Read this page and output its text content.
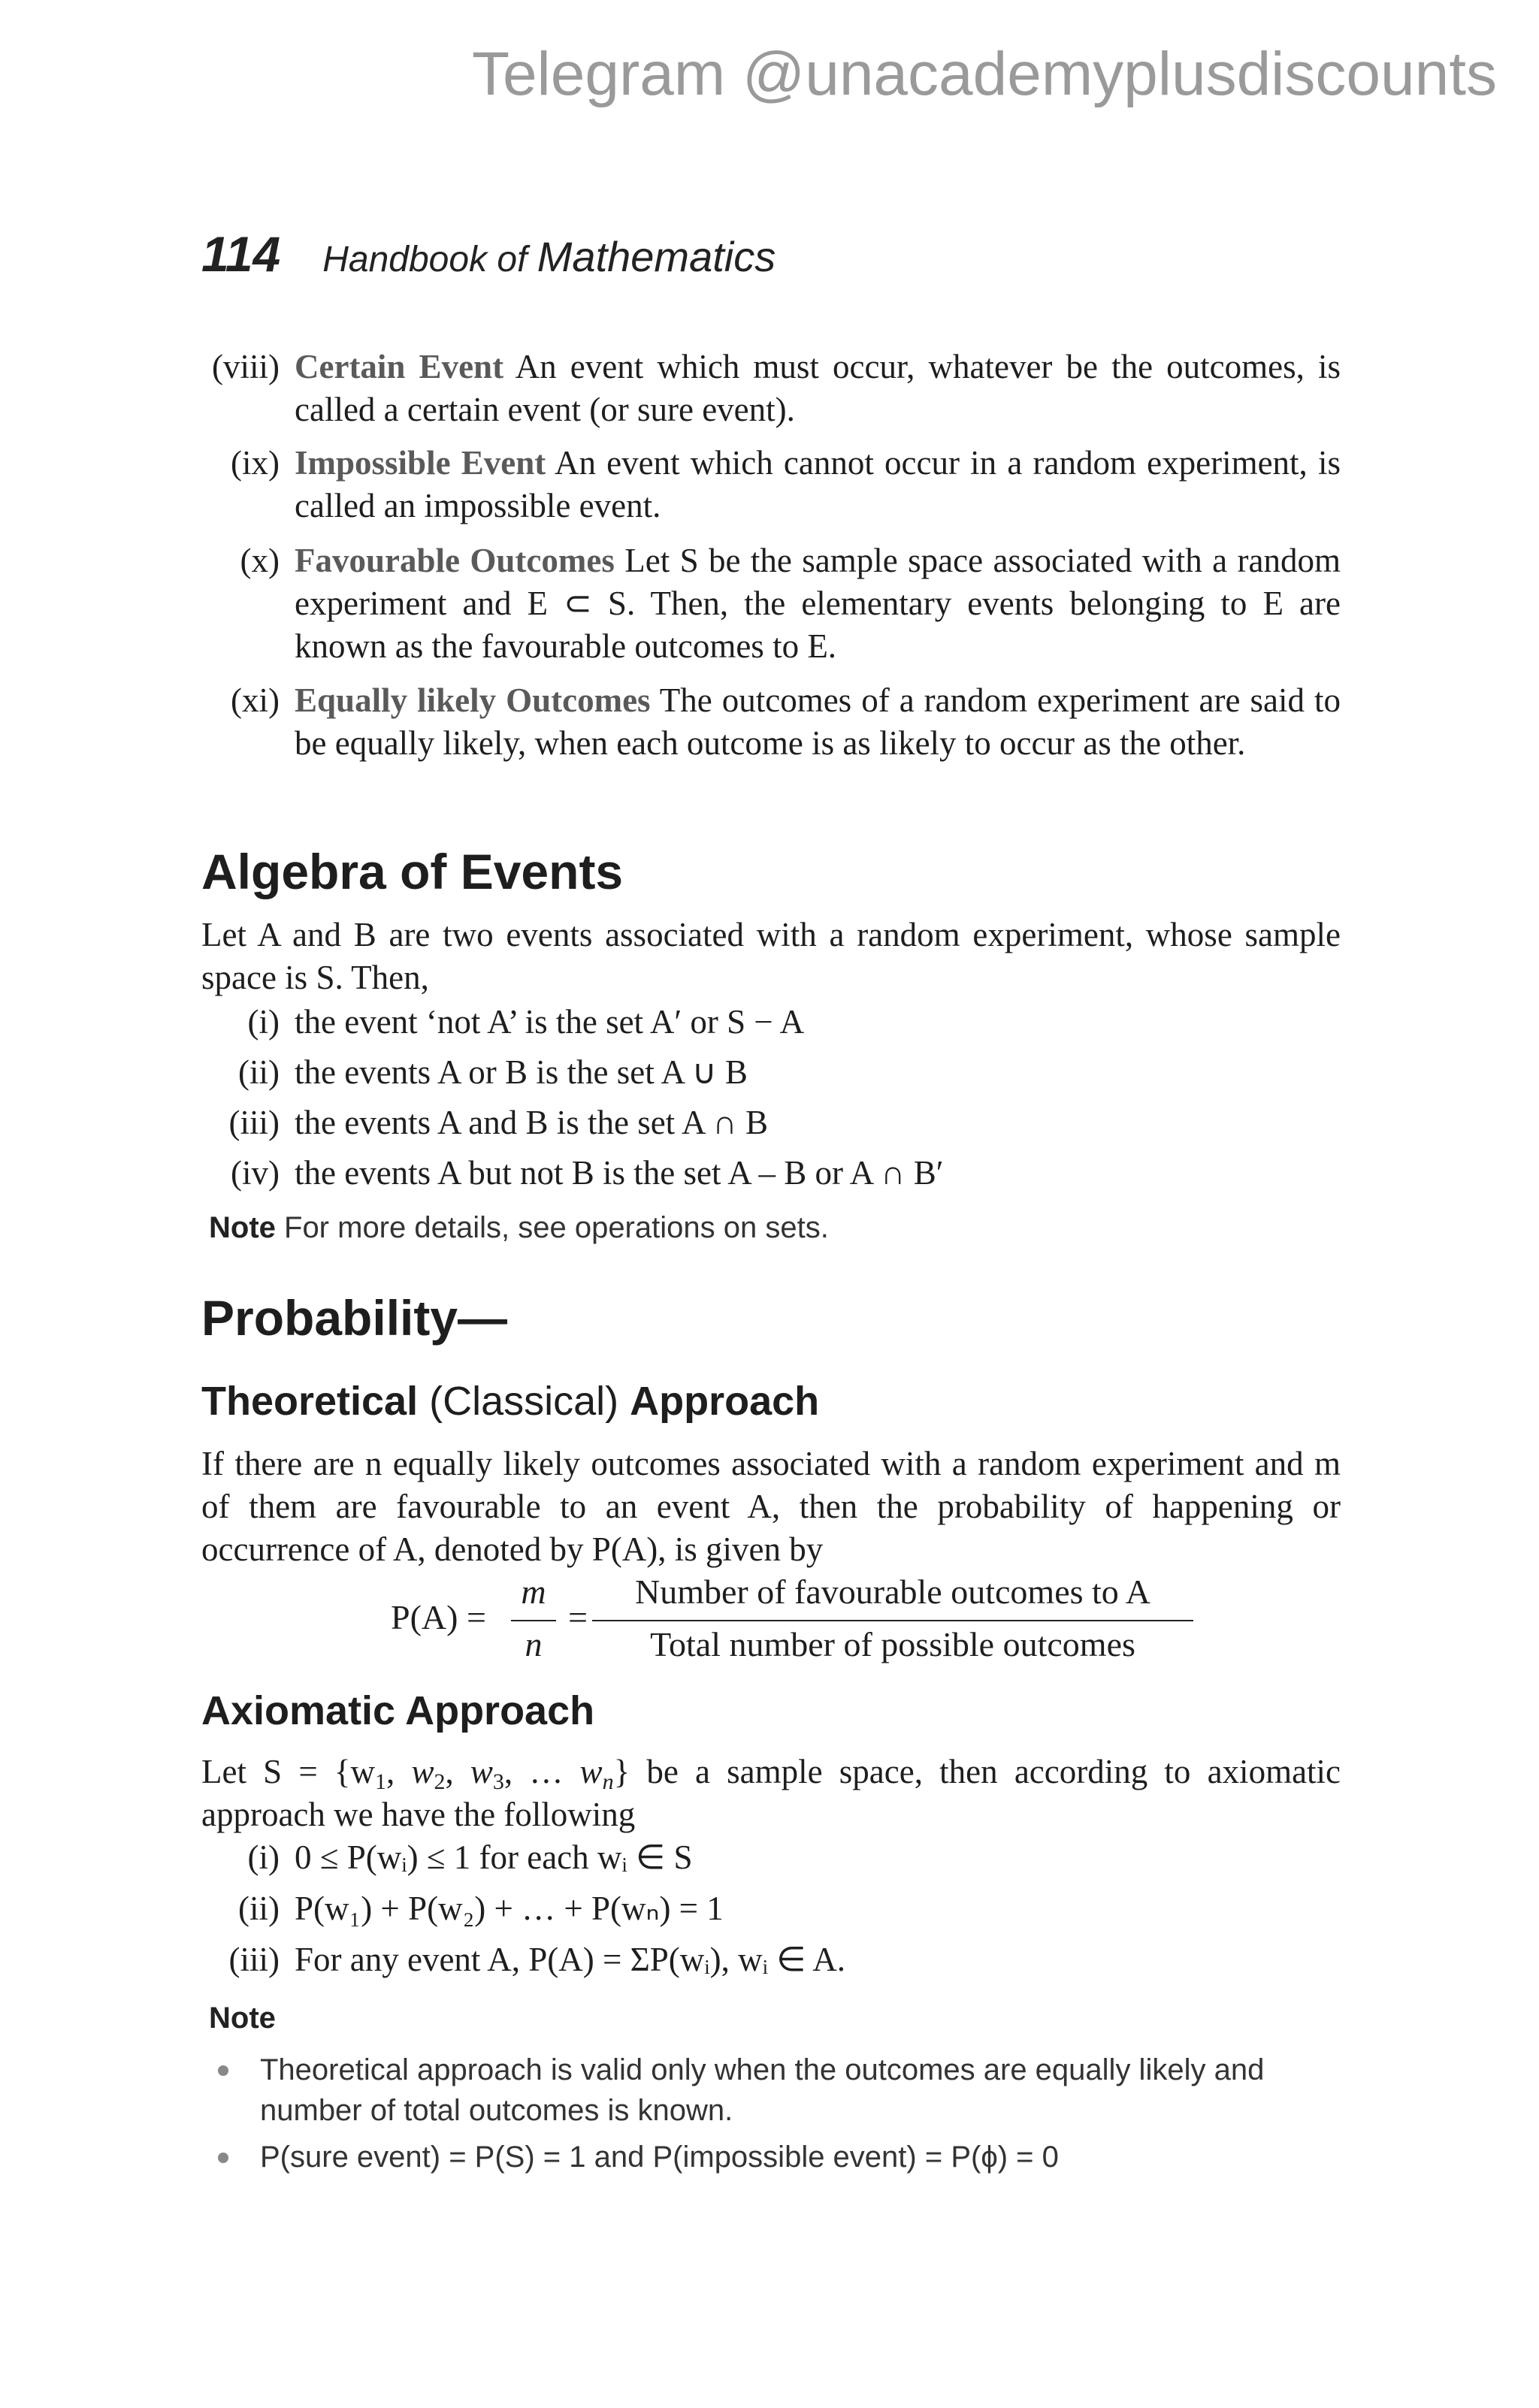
Telegram @unacademyplusdiscounts
114 Handbook of Mathematics
(viii) Certain Event An event which must occur, whatever be the outcomes, is called a certain event (or sure event).
(ix) Impossible Event An event which cannot occur in a random experiment, is called an impossible event.
(x) Favourable Outcomes Let S be the sample space associated with a random experiment and E ⊂ S. Then, the elementary events belonging to E are known as the favourable outcomes to E.
(xi) Equally likely Outcomes The outcomes of a random experiment are said to be equally likely, when each outcome is as likely to occur as the other.
Algebra of Events
Let A and B are two events associated with a random experiment, whose sample space is S. Then,
(i) the event ‘not A’ is the set A′ or S − A
(ii) the events A or B is the set A ∪ B
(iii) the events A and B is the set A ∩ B
(iv) the events A but not B is the set A – B or A ∩ B′
Note For more details, see operations on sets.
Probability—
Theoretical (Classical) Approach
If there are n equally likely outcomes associated with a random experiment and m of them are favourable to an event A, then the probability of happening or occurrence of A, denoted by P(A), is given by
P(A) =
m
n
=
Number of favourable outcomes to A
Total number of possible outcomes
Axiomatic Approach
Let $S = \{w_1$, $w_2$, $w_3$, … $w_n$} be a sample space, then according to axiomatic approach we have the following
(i) 0 ≤ P(wᵢ) ≤ 1 for each wᵢ ∈ S
(ii) P(w₁) + P(w₂) + … + P(wₙ) = 1
(iii) For any event A, P(A) = ΣP(wᵢ), wᵢ ∈ A.
Note
Theoretical approach is valid only when the outcomes are equally likely and number of total outcomes is known.
P(sure event) = P(S) = 1 and P(impossible event) = P(ϕ) = 0
